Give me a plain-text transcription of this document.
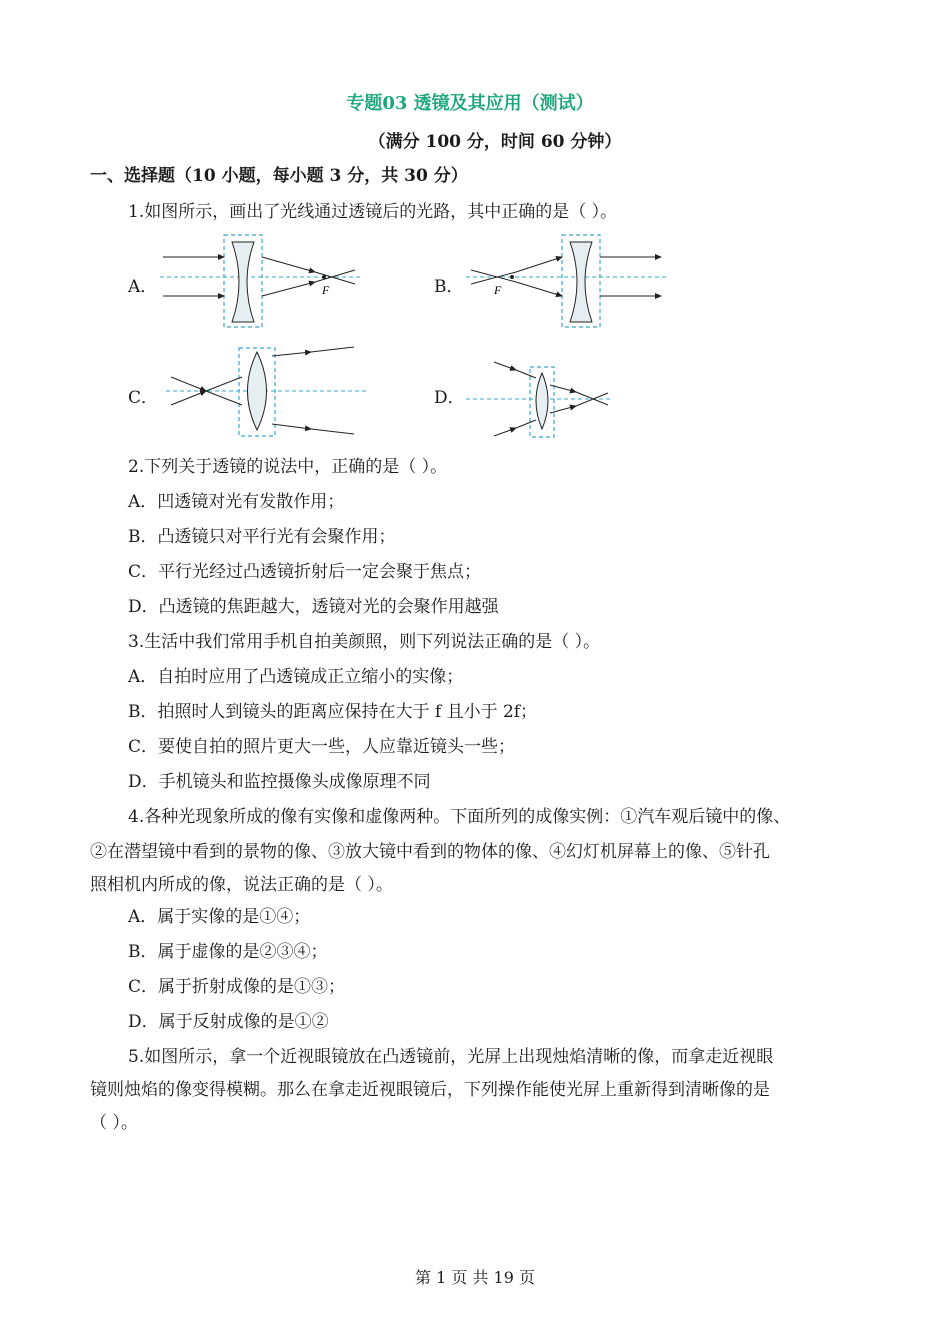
专题03 透镜及其应用（测试）
（满分 100 分，时间 60 分钟）
一、选择题（10 小题，每小题 3 分，共 30 分）
1.如图所示，画出了光线通过透镜后的光路，其中正确的是（ ）。
A．	B．
C．	D．
F	F
2.下列关于透镜的说法中，正确的是（ ）。
A．凹透镜对光有发散作用；
B．凸透镜只对平行光有会聚作用；
C．平行光经过凸透镜折射后一定会聚于焦点；
D．凸透镜的焦距越大，透镜对光的会聚作用越强
3.生活中我们常用手机自拍美颜照，则下列说法正确的是（ ）。
A．自拍时应用了凸透镜成正立缩小的实像；
B．拍照时人到镜头的距离应保持在大于 f 且小于 2f；
C．要使自拍的照片更大一些，人应靠近镜头一些；
D．手机镜头和监控摄像头成像原理不同
4.各种光现象所成的像有实像和虚像两种。下面所列的成像实例：①汽车观后镜中的像、
②在潜望镜中看到的景物的像、③放大镜中看到的物体的像、④幻灯机屏幕上的像、⑤针孔
照相机内所成的像，说法正确的是（ ）。
A．属于实像的是①④；
B．属于虚像的是②③④；
C．属于折射成像的是①③；
D．属于反射成像的是①②
5.如图所示，拿一个近视眼镜放在凸透镜前，光屏上出现烛焰清晰的像，而拿走近视眼
镜则烛焰的像变得模糊。那么在拿走近视眼镜后，下列操作能使光屏上重新得到清晰像的是
（ ）。
第 1 页 共 19 页
